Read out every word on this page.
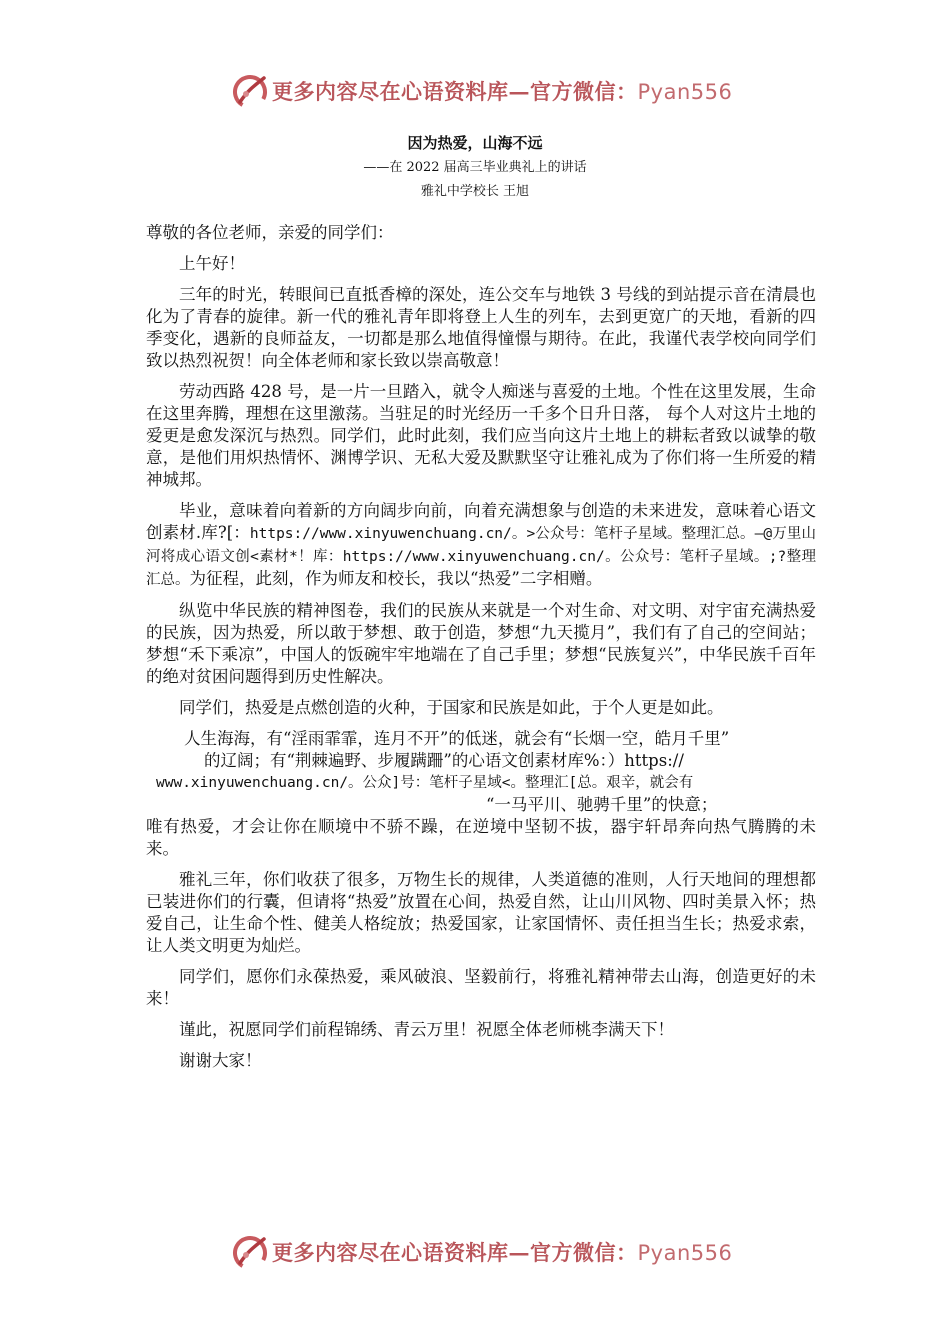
更多内容尽在心语资料库—官方微信：Pyan556
因为热爱，山海不远
——在 2022 届高三毕业典礼上的讲话
雅礼中学校长 王旭

尊敬的各位老师，亲爱的同学们：

上午好！

三年的时光，转眼间已直抵香樟的深处，连公交车与地铁 3 号线的到站提示音在清晨也化为了青春的旋律。新一代的雅礼青年即将登上人生的列车，去到更宽广的天地，看新的四季变化，遇新的良师益友，一切都是那么地值得憧憬与期待。在此，我谨代表学校向同学们致以热烈祝贺！向全体老师和家长致以崇高敬意！

劳动西路 428 号，是一片一旦踏入，就令人痴迷与喜爱的土地。个性在这里发展，生命在这里奔腾，理想在这里激荡。当驻足的时光经历一千多个日升日落， 每个人对这片土地的爱更是愈发深沉与热烈。同学们，此时此刻，我们应当向这片土地上的耕耘者致以诚挚的敬意，是他们用炽热情怀、渊博学识、无私大爱及默默坚守让雅礼成为了你们将一生所爱的精神城邦。

毕业，意味着向着新的方向阔步向前，向着充满想象与创造的未来进发，意味着心语文创素材.库?[：https://www.xinyuwenchuang.cn/。>公众号：笔杆子星域。整理汇总。—@万里山河将成心语文创<素材*！库：https://www.xinyuwenchuang.cn/。公众号：笔杆子星域。;?整理汇总。为征程，此刻，作为师友和校长，我以“热爱”二字相赠。

纵览中华民族的精神图卷，我们的民族从来就是一个对生命、对文明、对宇宙充满热爱的民族，因为热爱，所以敢于梦想、敢于创造，梦想“九天揽月”，我们有了自己的空间站；梦想“禾下乘凉”，中国人的饭碗牢牢地端在了自己手里；梦想“民族复兴”，中华民族千百年的绝对贫困问题得到历史性解决。

同学们，热爱是点燃创造的火种，于国家和民族是如此，于个人更是如此。

人生海海，有“淫雨霏霏，连月不开”的低迷，就会有“长烟一空，皓月千里”
的辽阔；有“荆棘遍野、步履蹒跚”的心语文创素材库%：）https://
www.xinyuwenchuang.cn/。公众]号：笔杆子星域<。整理汇[总。艰辛，就会有
“一马平川、驰骋千里”的快意；

唯有热爱，才会让你在顺境中不骄不躁，在逆境中坚韧不拔，器宇轩昂奔向热气腾腾的未来。

雅礼三年，你们收获了很多，万物生长的规律，人类道德的准则，人行天地间的理想都已装进你们的行囊，但请将“热爱”放置在心间，热爱自然，让山川风物、四时美景入怀；热爱自己，让生命个性、健美人格绽放；热爱国家，让家国情怀、责任担当生长；热爱求索，让人类文明更为灿烂。

同学们，愿你们永葆热爱，乘风破浪、坚毅前行，将雅礼精神带去山海，创造更好的未来！

谨此，祝愿同学们前程锦绣、青云万里！祝愿全体老师桃李满天下！

谢谢大家！

更多内容尽在心语资料库—官方微信：Pyan556
